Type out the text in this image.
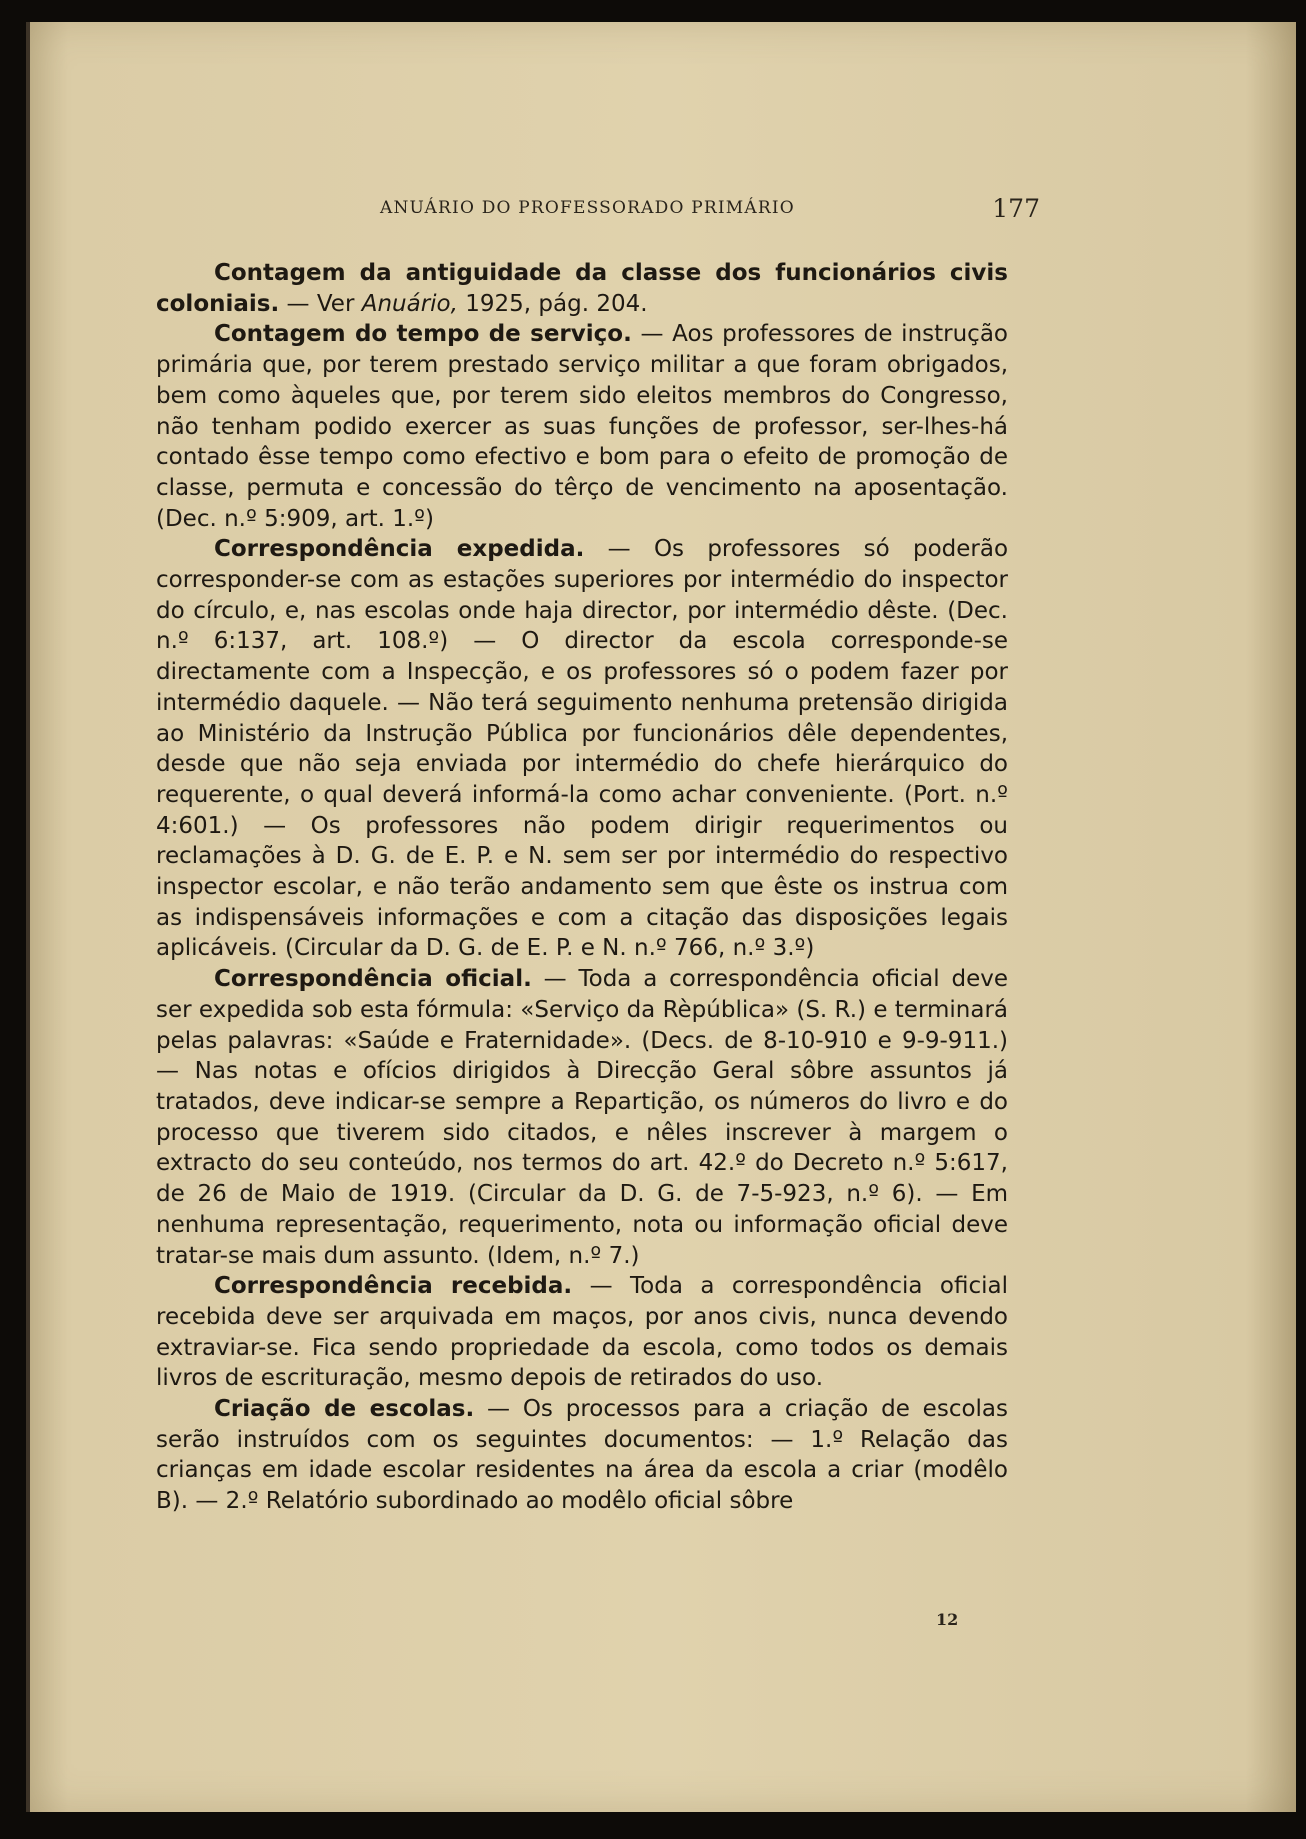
ANUÁRIO DO PROFESSORADO PRIMÁRIO	177

Contagem da antiguidade da classe dos funcionários civis coloniais. — Ver Anuário, 1925, pág. 204.

Contagem do tempo de serviço. — Aos professores de instrução primária que, por terem prestado serviço militar a que foram obrigados, bem como àqueles que, por terem sido eleitos membros do Congresso, não tenham podido exercer as suas funções de professor, ser-lhes-há contado êsse tempo como efectivo e bom para o efeito de promoção de classe, permuta e concessão do têrço de vencimento na aposentação. (Dec. n.º 5:909, art. 1.º)

Correspondência expedida. — Os professores só poderão corresponder-se com as estações superiores por intermédio do inspector do círculo, e, nas escolas onde haja director, por intermédio dêste. (Dec. n.º 6:137, art. 108.º) — O director da escola corresponde-se directamente com a Inspecção, e os professores só o podem fazer por intermédio daquele. — Não terá seguimento nenhuma pretensão dirigida ao Ministério da Instrução Pública por funcionários dêle dependentes, desde que não seja enviada por intermédio do chefe hierárquico do requerente, o qual deverá informá-la como achar conveniente. (Port. n.º 4:601.) — Os professores não podem dirigir requerimentos ou reclamações à D. G. de E. P. e N. sem ser por intermédio do respectivo inspector escolar, e não terão andamento sem que êste os instrua com as indispensáveis informações e com a citação das disposições legais aplicáveis. (Circular da D. G. de E. P. e N. n.º 766, n.º 3.º)

Correspondência oficial. — Toda a correspondência oficial deve ser expedida sob esta fórmula: «Serviço da Rèpública» (S. R.) e terminará pelas palavras: «Saúde e Fraternidade». (Decs. de 8-10-910 e 9-9-911.) — Nas notas e ofícios dirigidos à Direcção Geral sôbre assuntos já tratados, deve indicar-se sempre a Repartição, os números do livro e do processo que tiverem sido citados, e nêles inscrever à margem o extracto do seu conteúdo, nos termos do art. 42.º do Decreto n.º 5:617, de 26 de Maio de 1919. (Circular da D. G. de 7-5-923, n.º 6). — Em nenhuma representação, requerimento, nota ou informação oficial deve tratar-se mais dum assunto. (Idem, n.º 7.)

Correspondência recebida. — Toda a correspondência oficial recebida deve ser arquivada em maços, por anos civis, nunca devendo extraviar-se. Fica sendo propriedade da escola, como todos os demais livros de escrituração, mesmo depois de retirados do uso.

Criação de escolas. — Os processos para a criação de escolas serão instruídos com os seguintes documentos: — 1.º Relação das crianças em idade escolar residentes na área da escola a criar (modêlo B). — 2.º Relatório subordinado ao modêlo oficial sôbre

12
